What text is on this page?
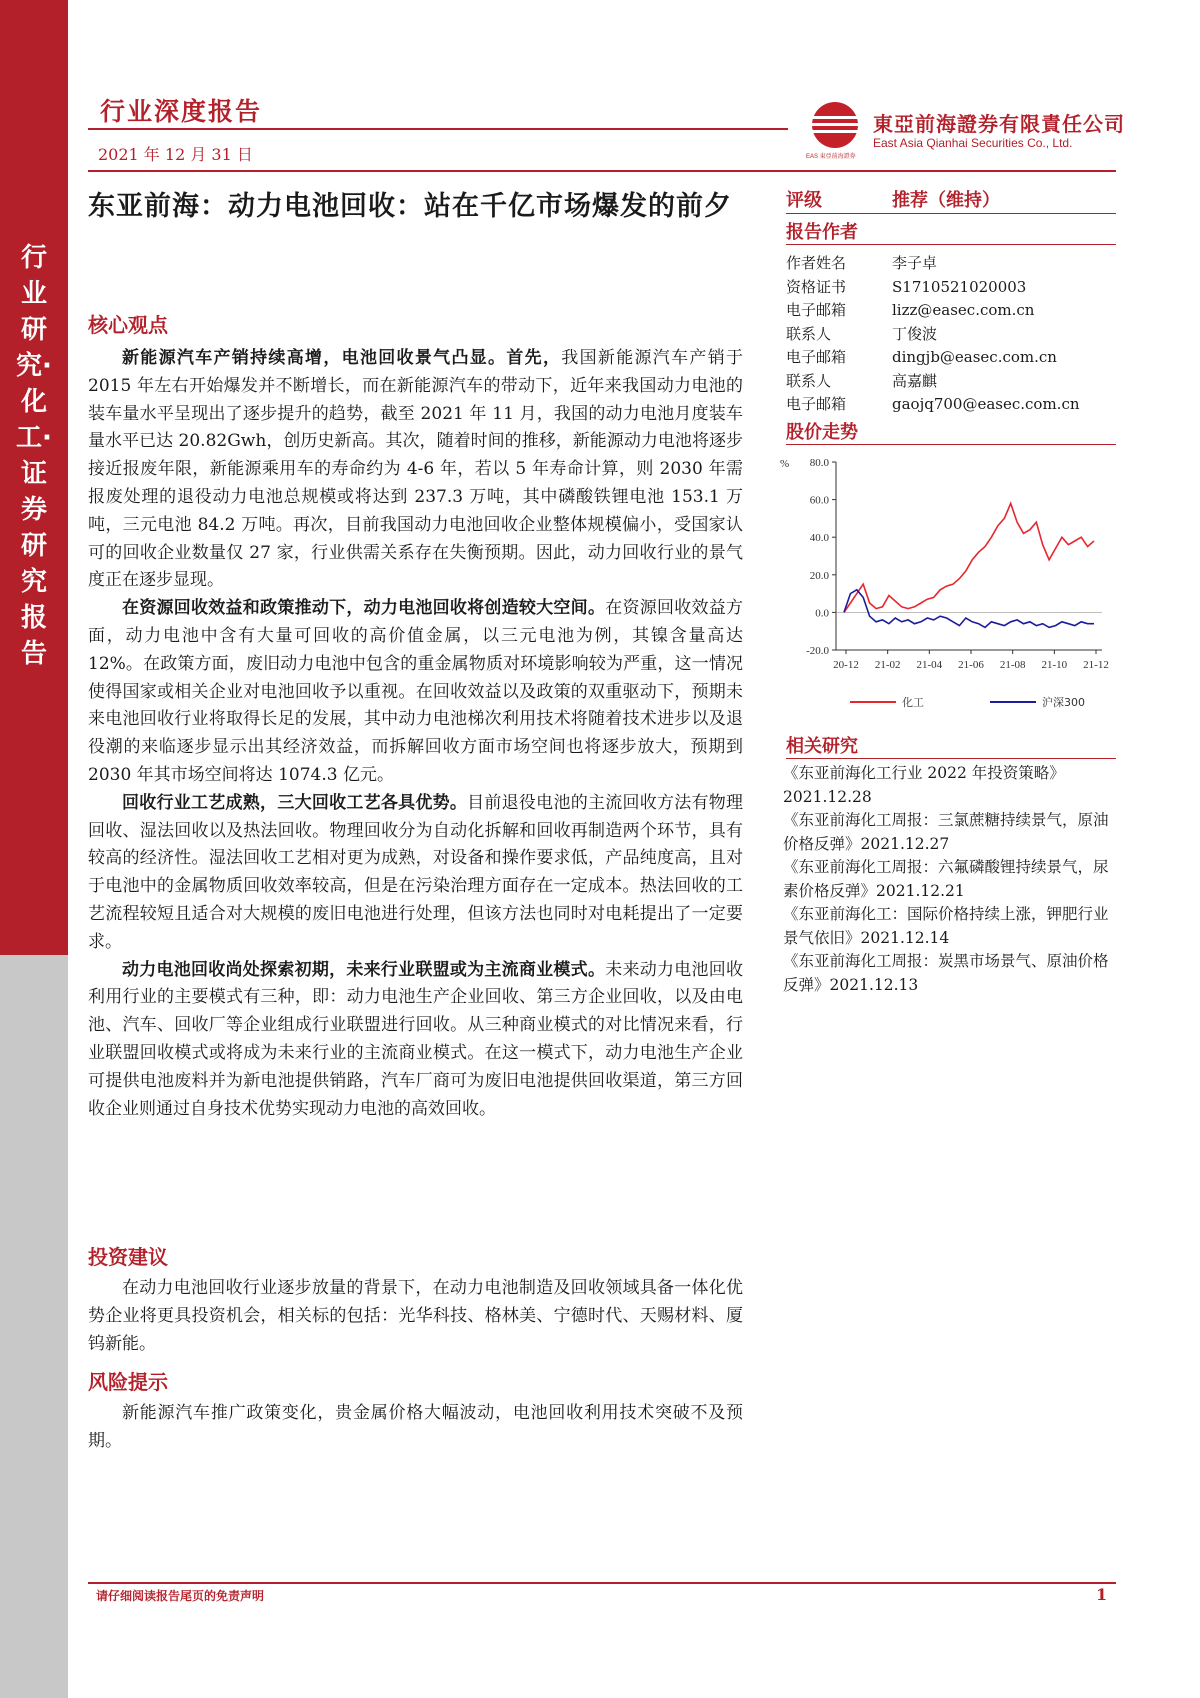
行业研究·化工·证券研究报告
行业深度报告
2021 年 12 月 31 日	EAS 東亞前海證券
東亞前海證券有限責任公司
East Asia Qianhai Securities Co., Ltd.
东亚前海：动力电池回收：站在千亿市场爆发的前夕
核心观点

新能源汽车产销持续高增，电池回收景气凸显。首先，我国新能源汽车产销于 2015 年左右开始爆发并不断增长，而在新能源汽车的带动下，近年来我国动力电池的装车量水平呈现出了逐步提升的趋势，截至 2021 年 11 月，我国的动力电池月度装车量水平已达 20.82Gwh，创历史新高。其次，随着时间的推移，新能源动力电池将逐步接近报废年限，新能源乘用车的寿命约为 4-6 年，若以 5 年寿命计算，则 2030 年需报废处理的退役动力电池总规模或将达到 237.3 万吨，其中磷酸铁锂电池 153.1 万吨，三元电池 84.2 万吨。再次，目前我国动力电池回收企业整体规模偏小，受国家认可的回收企业数量仅 27 家，行业供需关系存在失衡预期。因此，动力回收行业的景气度正在逐步显现。

在资源回收效益和政策推动下，动力电池回收将创造较大空间。在资源回收效益方面，动力电池中含有大量可回收的高价值金属，以三元电池为例，其镍含量高达 12%。在政策方面，废旧动力电池中包含的重金属物质对环境影响较为严重，这一情况使得国家或相关企业对电池回收予以重视。在回收效益以及政策的双重驱动下，预期未来电池回收行业将取得长足的发展，其中动力电池梯次利用技术将随着技术进步以及退役潮的来临逐步显示出其经济效益，而拆解回收方面市场空间也将逐步放大，预期到 2030 年其市场空间将达 1074.3 亿元。

回收行业工艺成熟，三大回收工艺各具优势。目前退役电池的主流回收方法有物理回收、湿法回收以及热法回收。物理回收分为自动化拆解和回收再制造两个环节，具有较高的经济性。湿法回收工艺相对更为成熟，对设备和操作要求低，产品纯度高，且对于电池中的金属物质回收效率较高，但是在污染治理方面存在一定成本。热法回收的工艺流程较短且适合对大规模的废旧电池进行处理，但该方法也同时对电耗提出了一定要求。

动力电池回收尚处探索初期，未来行业联盟或为主流商业模式。未来动力电池回收利用行业的主要模式有三种，即：动力电池生产企业回收、第三方企业回收，以及由电池、汽车、回收厂等企业组成行业联盟进行回收。从三种商业模式的对比情况来看，行业联盟回收模式或将成为未来行业的主流商业模式。在这一模式下，动力电池生产企业可提供电池废料并为新电池提供销路，汽车厂商可为废旧电池提供回收渠道，第三方回收企业则通过自身技术优势实现动力电池的高效回收。

投资建议

在动力电池回收行业逐步放量的背景下，在动力电池制造及回收领域具备一体化优势企业将更具投资机会，相关标的包括：光华科技、格林美、宁德时代、天赐材料、厦钨新能。

风险提示

新能源汽车推广政策变化，贵金属价格大幅波动，电池回收利用技术突破不及预期。

评级	推荐（维持）
报告作者
作者姓名	李子卓
资格证书	S1710521020003
电子邮箱	lizz@easec.com.cn
联系人	丁俊波
电子邮箱	dingjb@easec.com.cn
联系人	高嘉麒
电子邮箱	gaojq700@easec.com.cn
股价走势
% 80.0
60.0
40.0
20.0
0.0
-20.0
20-12 21-02 21-04 21-06 21-08 21-10 21-12
化工	沪深300
相关研究
《东亚前海化工行业 2022 年投资策略》2021.12.28
《东亚前海化工周报：三氯蔗糖持续景气，原油价格反弹》2021.12.27
《东亚前海化工周报：六氟磷酸锂持续景气，尿素价格反弹》2021.12.21
《东亚前海化工：国际价格持续上涨，钾肥行业景气依旧》2021.12.14
《东亚前海化工周报：炭黑市场景气、原油价格反弹》2021.12.13
请仔细阅读报告尾页的免责声明	1
